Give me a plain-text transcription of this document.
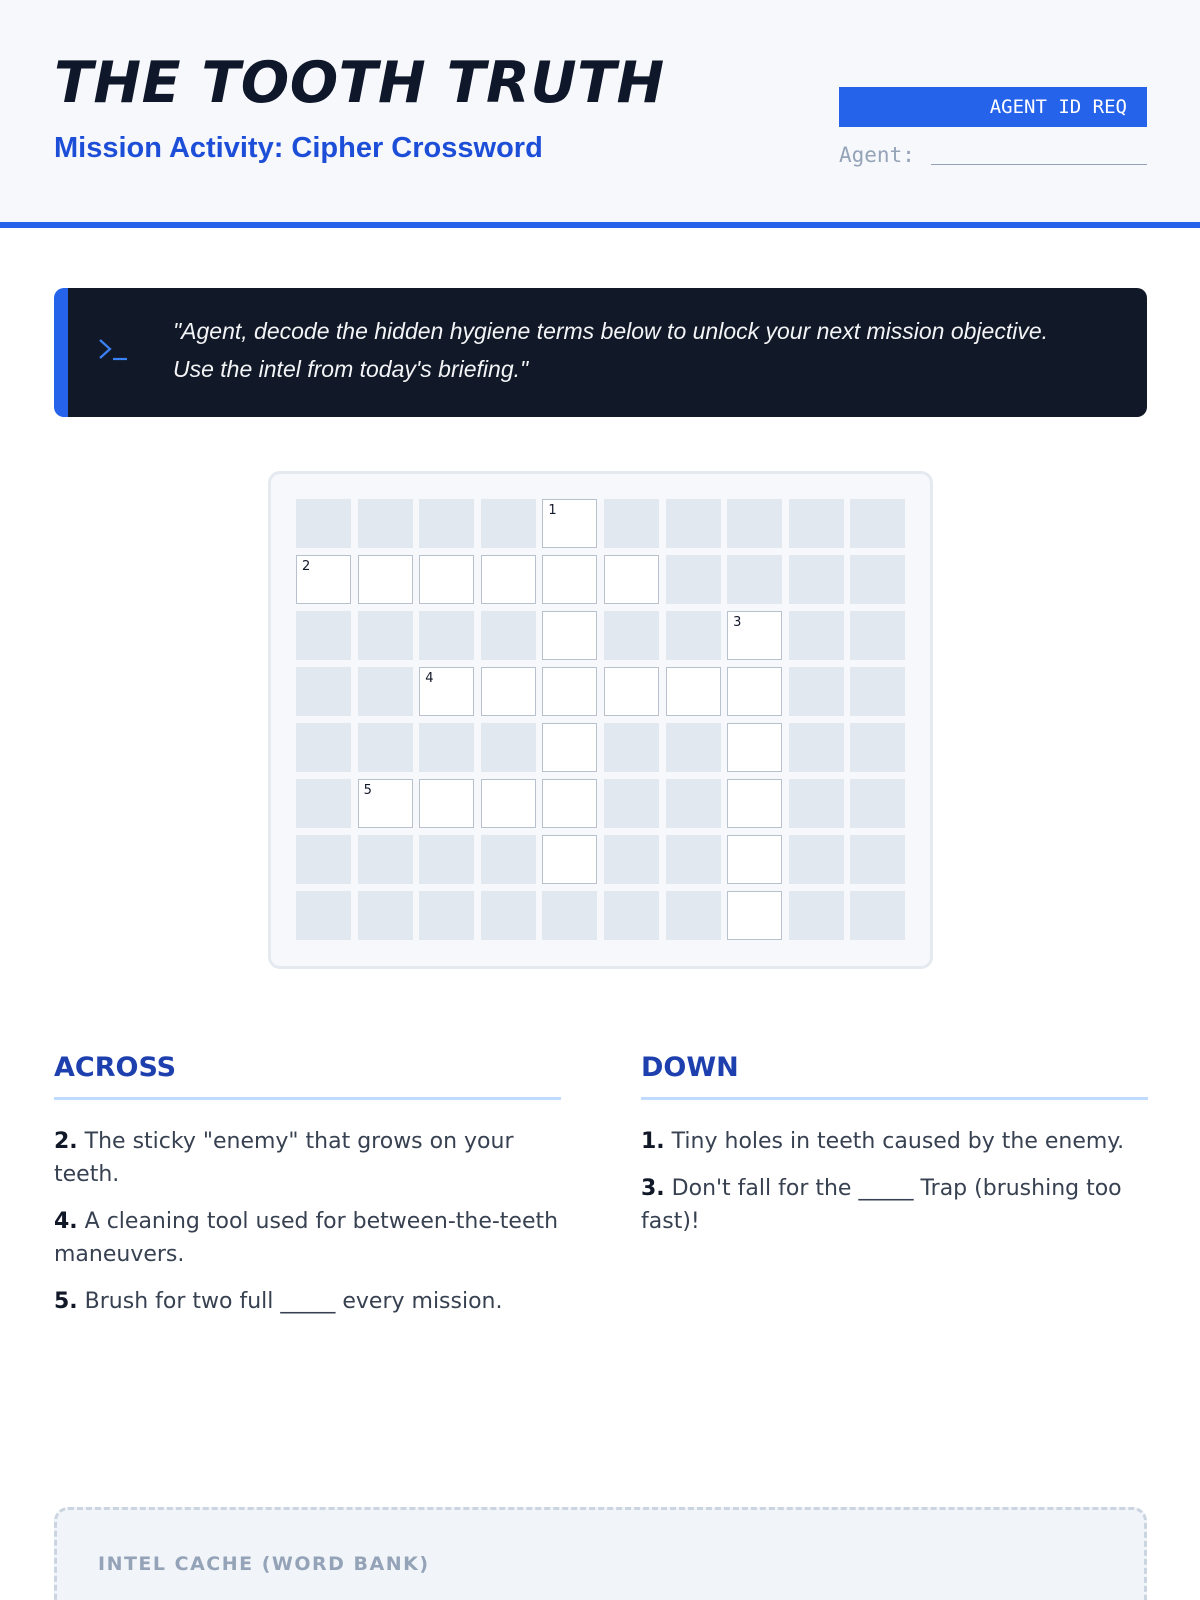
THE TOOTH TRUTH
Mission Activity: Cipher Crossword
AGENT ID REQ
Agent:
"Agent, decode the hidden hygiene terms below to unlock your next mission objective. Use the intel from today's briefing."
1
2
3
4
5
ACROSS
2. The sticky "enemy" that grows on your teeth.
4. A cleaning tool used for between-the-teeth maneuvers.
5. Brush for two full _____ every mission.
DOWN
1. Tiny holes in teeth caused by the enemy.
3. Don't fall for the _____ Trap (brushing too fast)!
INTEL CACHE (WORD BANK)
